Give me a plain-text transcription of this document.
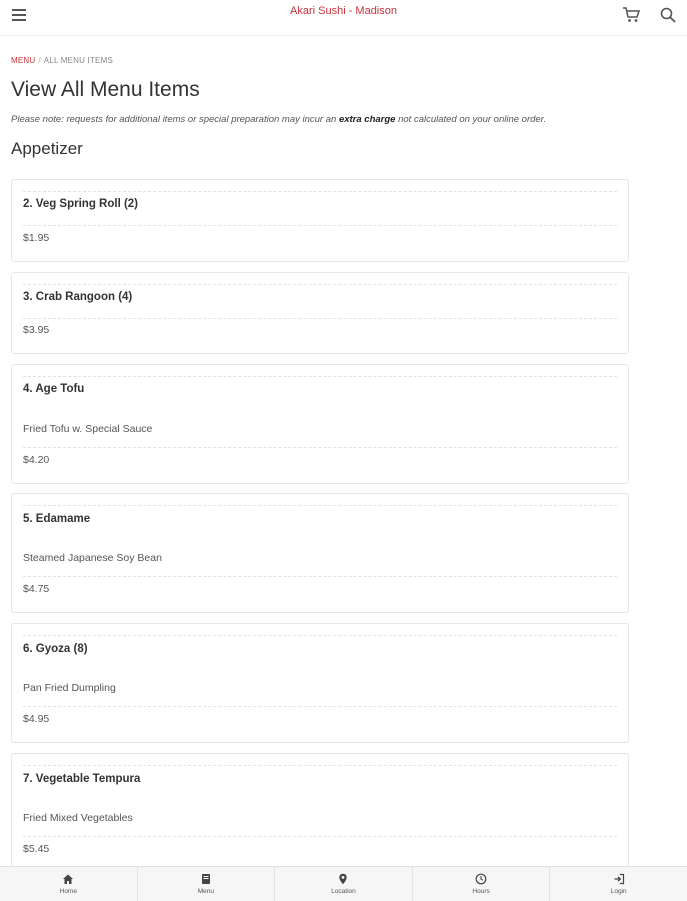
Akari Sushi - Madison
MENU / ALL MENU ITEMS
View All Menu Items
Please note: requests for additional items or special preparation may incur an extra charge not calculated on your online order.
Appetizer
2. Veg Spring Roll (2)
$1.95
3. Crab Rangoon (4)
$3.95
4. Age Tofu
Fried Tofu w. Special Sauce
$4.20
5. Edamame
Steamed Japanese Soy Bean
$4.75
6. Gyoza (8)
Pan Fried Dumpling
$4.95
7. Vegetable Tempura
Fried Mixed Vegetables
$5.45
Home	Menu	Location	Hours	Login
